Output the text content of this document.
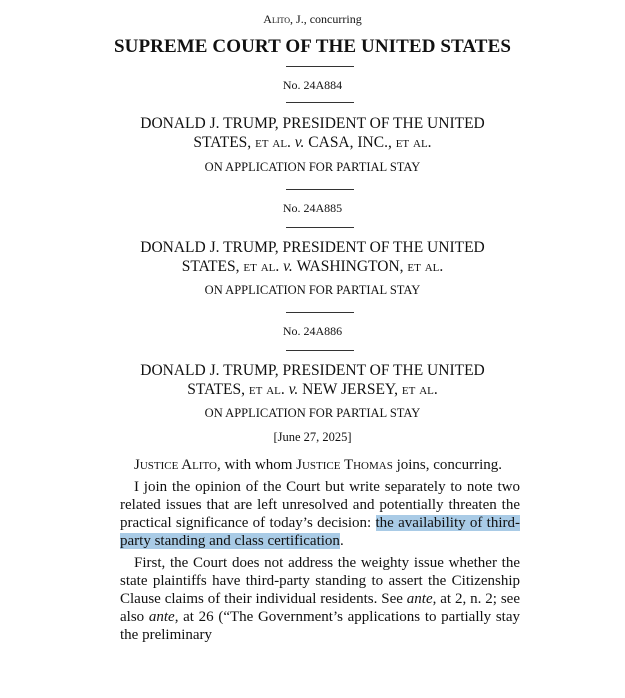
Alito, J., concurring
SUPREME COURT OF THE UNITED STATES
No. 24A884
DONALD J. TRUMP, PRESIDENT OF THE UNITED
STATES, et al. v. CASA, INC., et al.
ON APPLICATION FOR PARTIAL STAY
No. 24A885
DONALD J. TRUMP, PRESIDENT OF THE UNITED
STATES, et al. v. WASHINGTON, et al.
ON APPLICATION FOR PARTIAL STAY
No. 24A886
DONALD J. TRUMP, PRESIDENT OF THE UNITED
STATES, et al. v. NEW JERSEY, et al.
ON APPLICATION FOR PARTIAL STAY
[June 27, 2025]

Justice Alito, with whom Justice Thomas joins, concurring.

I join the opinion of the Court but write separately to note two related issues that are left unresolved and potentially threaten the practical significance of today’s decision: the availability of third-party standing and class certification.

First, the Court does not address the weighty issue whether the state plaintiffs have third-party standing to assert the Citizenship Clause claims of their individual residents. See ante, at 2, n. 2; see also ante, at 26 (“The Government’s applications to partially stay the preliminary
